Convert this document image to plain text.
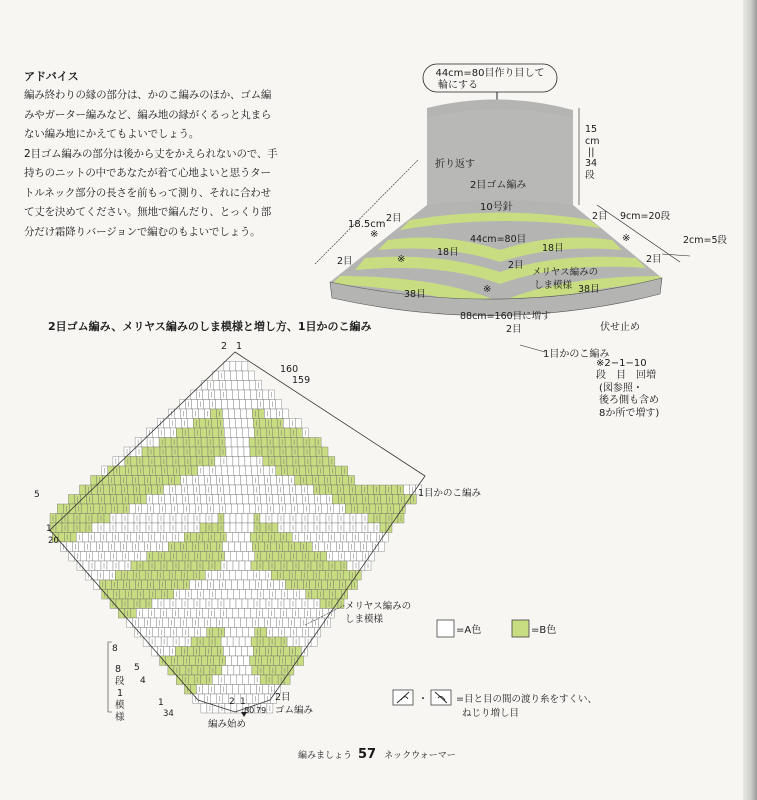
アドバイス

編み終わりの縁の部分は、かのこ編みのほか、ゴム編

みやガーター編みなど、編み地の縁がくるっと丸まら

ない編み地にかえてもよいでしょう。

2目ゴム編みの部分は後から丈をかえられないので、手

持ちのニットの中であなたが着て心地よいと思うター

トルネック部分の長さを前もって測り、それに合わせ

て丈を決めてください。無地で編んだり、とっくり部

分だけ霜降りバージョンで編むのもよいでしょう。

44cm=80目作り目して
輪にする
折り返す
2目ゴム編み
10号針
44cm=80目
15
cm
||
34
段
18.5cm
2目	2目 9cm=20段
2cm=5段
18目	18目
2目
2目	2目
メリヤス編みの
しま模様
38目	38目
88cm=160目に増す
2目	伏せ止め
1目かのこ編み
※
※
※
※
※2−1−10
段　目　回増
(図参照・
後ろ側も含め
8か所で増す)
2目ゴム編み、メリヤス編みのしま模様と増し方、1目かのこ編み
2 1
160
159
1目かのこ編み
メリヤス編みの
しま模様
2目
ゴム編み
編み始め
8
段
1
模
様
5
1
20
8
5
4
1
34
2 1
80 79
=A色	=B色
・	=目と目の間の渡り糸をすくい、
ねじり増し目
編みましょう 57 ネックウォーマー
